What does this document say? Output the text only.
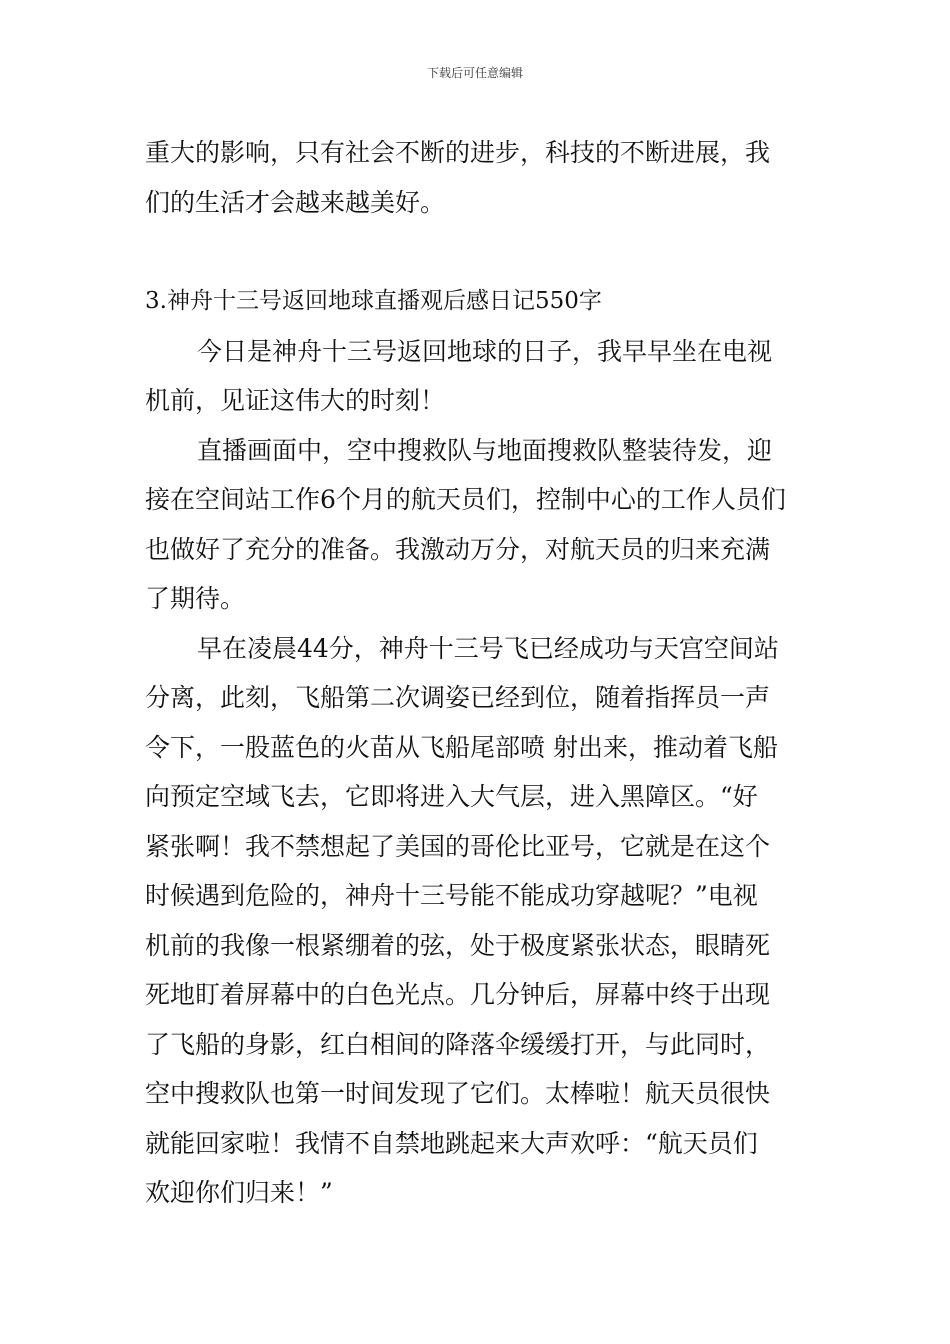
下载后可任意编辑
重大的影响，只有社会不断的进步，科技的不断进展，我
们的生活才会越来越美好。
3.神舟十三号返回地球直播观后感日记550字
今日是神舟十三号返回地球的日子，我早早坐在电视
机前，见证这伟大的时刻！
直播画面中，空中搜救队与地面搜救队整装待发，迎
接在空间站工作6个月的航天员们，控制中心的工作人员们
也做好了充分的准备。我激动万分，对航天员的归来充满
了期待。
早在凌晨44分，神舟十三号飞已经成功与天宫空间站
分离，此刻，飞船第二次调姿已经到位，随着指挥员一声
令下，一股蓝色的火苗从飞船尾部喷 射出来，推动着飞船
向预定空域飞去，它即将进入大气层，进入黑障区。“好
紧张啊！我不禁想起了美国的哥伦比亚号，它就是在这个
时候遇到危险的，神舟十三号能不能成功穿越呢？”电视
机前的我像一根紧绷着的弦，处于极度紧张状态，眼睛死
死地盯着屏幕中的白色光点。几分钟后，屏幕中终于出现
了飞船的身影，红白相间的降落伞缓缓打开，与此同时，
空中搜救队也第一时间发现了它们。太棒啦！航天员很快
就能回家啦！我情不自禁地跳起来大声欢呼：“航天员们
欢迎你们归来！”
